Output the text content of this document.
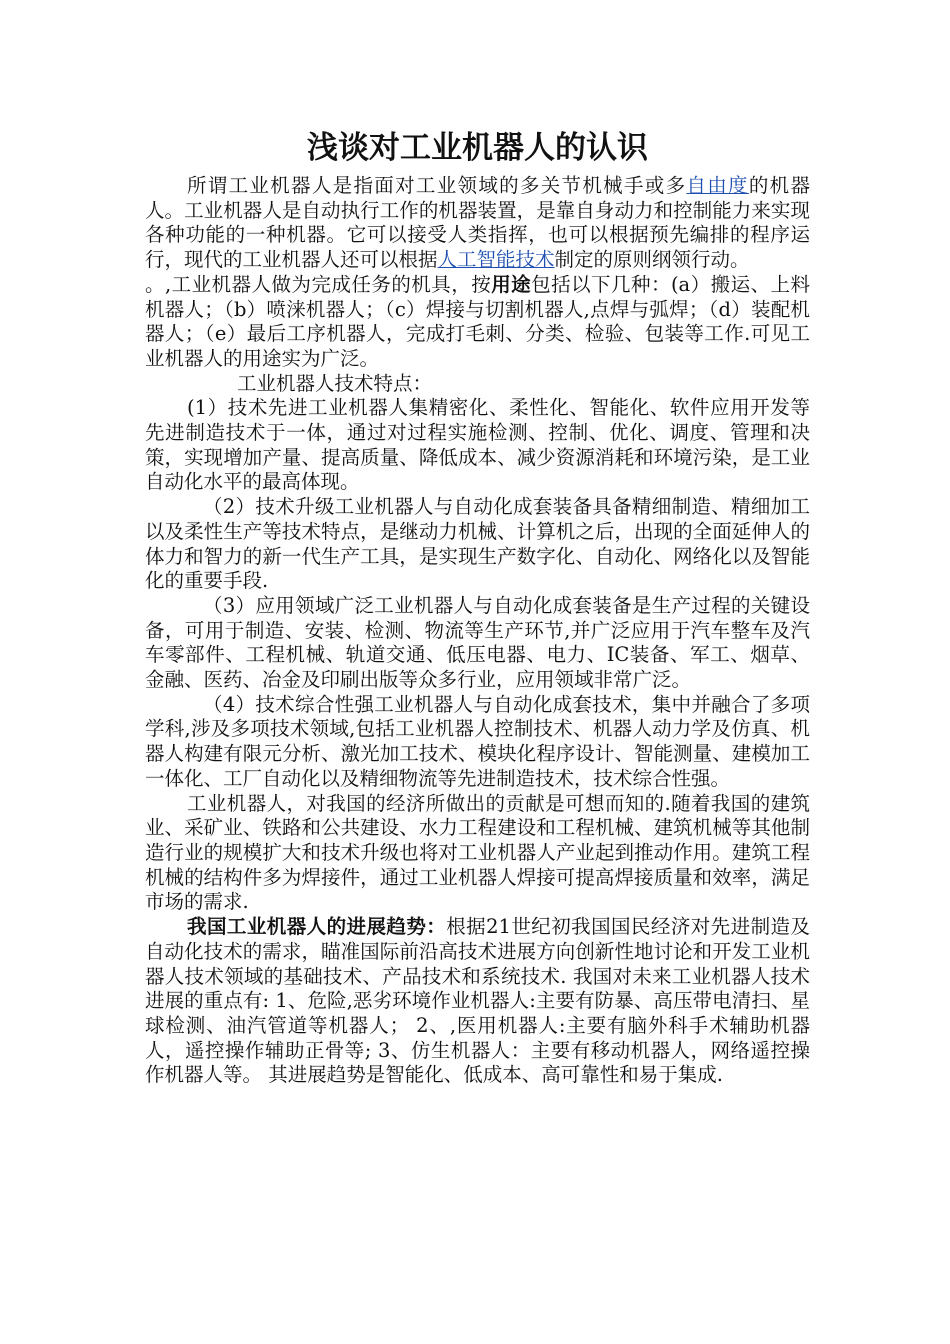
浅谈对工业机器人的认识

所谓工业机器人是指面对工业领域的多关节机械手或多自由度的机器人。工业机器人是自动执行工作的机器装置，是靠自身动力和控制能力来实现各种功能的一种机器。它可以接受人类指挥，也可以根据预先编排的程序运行，现代的工业机器人还可以根据人工智能技术制定的原则纲领行动。

。,工业机器人做为完成任务的机具，按用途包括以下几种：(a）搬运、上料机器人；（b）喷涞机器人；（c）焊接与切割机器人,点焊与弧焊；（d）装配机器人；（e）最后工序机器人，完成打毛刺、分类、检验、包装等工作.可见工业机器人的用途实为广泛。

工业机器人技术特点：

(1）技术先进工业机器人集精密化、柔性化、智能化、软件应用开发等先进制造技术于一体，通过对过程实施检测、控制、优化、调度、管理和决策，实现增加产量、提高质量、降低成本、减少资源消耗和环境污染，是工业自动化水平的最高体现。

（2）技术升级工业机器人与自动化成套装备具备精细制造、精细加工以及柔性生产等技术特点，是继动力机械、计算机之后，出现的全面延伸人的体力和智力的新一代生产工具，是实现生产数字化、自动化、网络化以及智能化的重要手段.

（3）应用领域广泛工业机器人与自动化成套装备是生产过程的关键设备，可用于制造、安装、检测、物流等生产环节,并广泛应用于汽车整车及汽车零部件、工程机械、轨道交通、低压电器、电力、IC装备、军工、烟草、金融、医药、冶金及印刷出版等众多行业，应用领域非常广泛。

（4）技术综合性强工业机器人与自动化成套技术，集中并融合了多项学科,涉及多项技术领域,包括工业机器人控制技术、机器人动力学及仿真、机器人构建有限元分析、激光加工技术、模块化程序设计、智能测量、建模加工一体化、工厂自动化以及精细物流等先进制造技术，技术综合性强。

工业机器人，对我国的经济所做出的贡献是可想而知的.随着我国的建筑业、采矿业、铁路和公共建设、水力工程建设和工程机械、建筑机械等其他制造行业的规模扩大和技术升级也将对工业机器人产业起到推动作用。建筑工程机械的结构件多为焊接件，通过工业机器人焊接可提高焊接质量和效率，满足市场的需求.

我国工业机器人的进展趋势：根据21世纪初我国国民经济对先进制造及自动化技术的需求，瞄准国际前沿高技术进展方向创新性地讨论和开发工业机器人技术领域的基础技术、产品技术和系统技术. 我国对未来工业机器人技术进展的重点有: 1、危险,恶劣环境作业机器人:主要有防暴、高压带电清扫、星球检测、油汽管道等机器人； 2、,医用机器人:主要有脑外科手术辅助机器人，遥控操作辅助正骨等; 3、仿生机器人：主要有移动机器人，网络遥控操作机器人等。 其进展趋势是智能化、低成本、高可靠性和易于集成.
